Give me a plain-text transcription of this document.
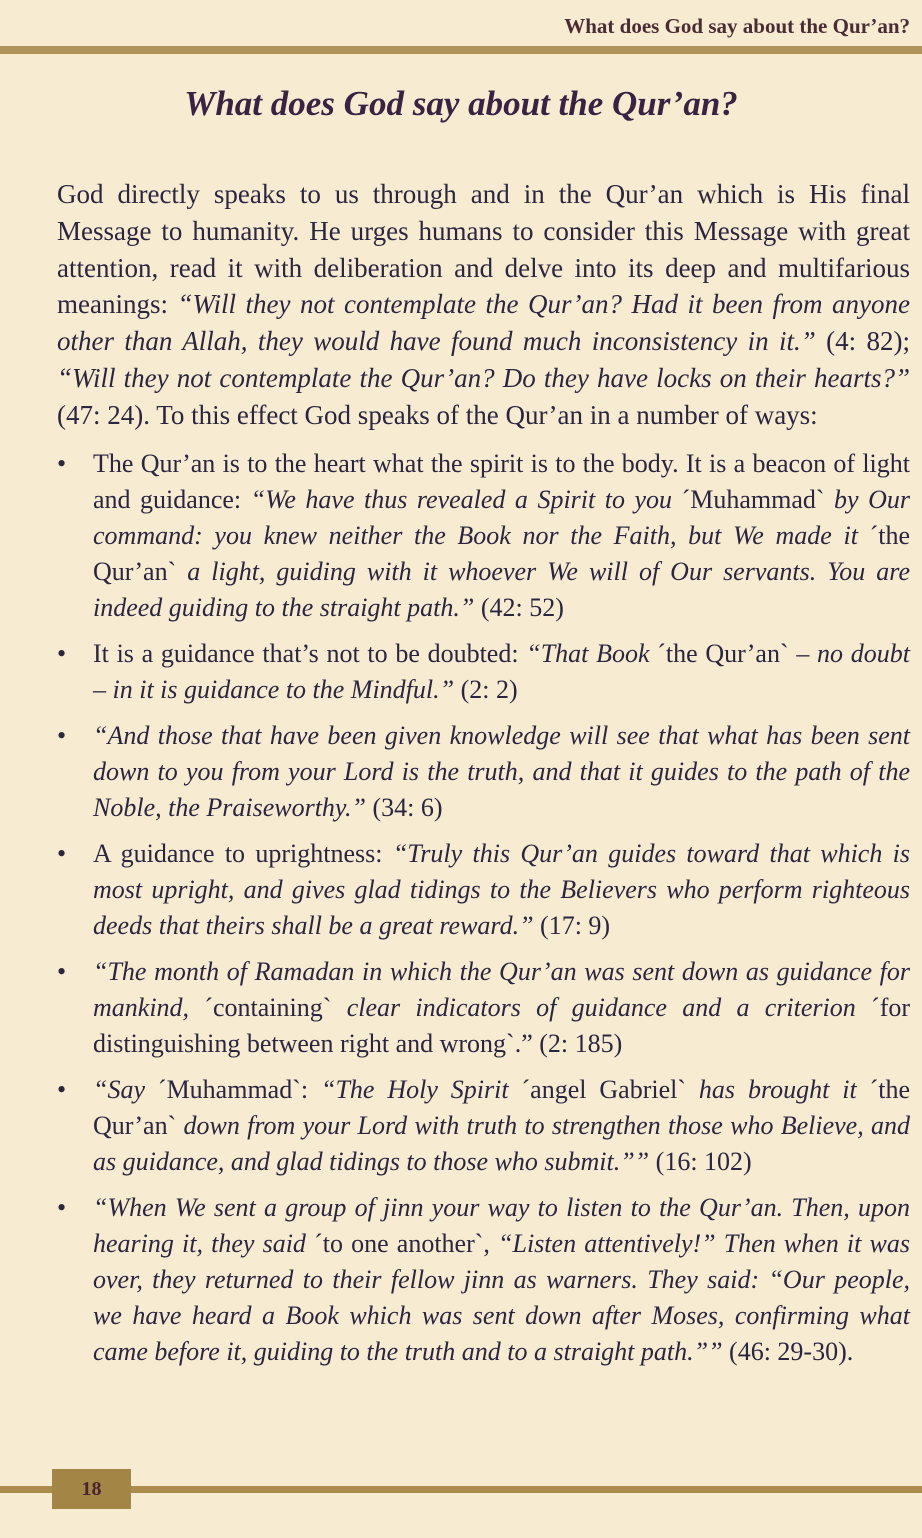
What does God say about the Qur’an?
What does God say about the Qur’an?

God directly speaks to us through and in the Qur’an which is His final Message to humanity. He urges humans to consider this Message with great attention, read it with deliberation and delve into its deep and multifarious meanings: “Will they not contemplate the Qur’an? Had it been from anyone other than Allah, they would have found much inconsistency in it.” (4: 82); “Will they not contemplate the Qur’an? Do they have locks on their hearts?” (47: 24). To this effect God speaks of the Qur’an in a number of ways:

• The Qur’an is to the heart what the spirit is to the body. It is a beacon of light and guidance: “We have thus revealed a Spirit to you ´Muhammad` by Our command: you knew neither the Book nor the Faith, but We made it ´the Qur’an` a light, guiding with it whoever We will of Our servants. You are indeed guiding to the straight path.” (42: 52)
• It is a guidance that’s not to be doubted: “That Book ´the Qur’an` – no doubt – in it is guidance to the Mindful.” (2: 2)
• “And those that have been given knowledge will see that what has been sent down to you from your Lord is the truth, and that it guides to the path of the Noble, the Praiseworthy.” (34: 6)
• A guidance to uprightness: “Truly this Qur’an guides toward that which is most upright, and gives glad tidings to the Believers who perform righteous deeds that theirs shall be a great reward.” (17: 9)
• “The month of Ramadan in which the Qur’an was sent down as guidance for mankind, ´containing` clear indicators of guidance and a criterion ´for distinguishing between right and wrong`.” (2: 185)
• “Say ´Muhammad`: “The Holy Spirit ´angel Gabriel` has brought it ´the Qur’an` down from your Lord with truth to strengthen those who Believe, and as guidance, and glad tidings to those who submit.”” (16: 102)
• “When We sent a group of jinn your way to listen to the Qur’an. Then, upon hearing it, they said ´to one another`, “Listen attentively!” Then when it was over, they returned to their fellow jinn as warners. They said: “Our people, we have heard a Book which was sent down after Moses, confirming what came before it, guiding to the truth and to a straight path.”” (46: 29-30).
18
